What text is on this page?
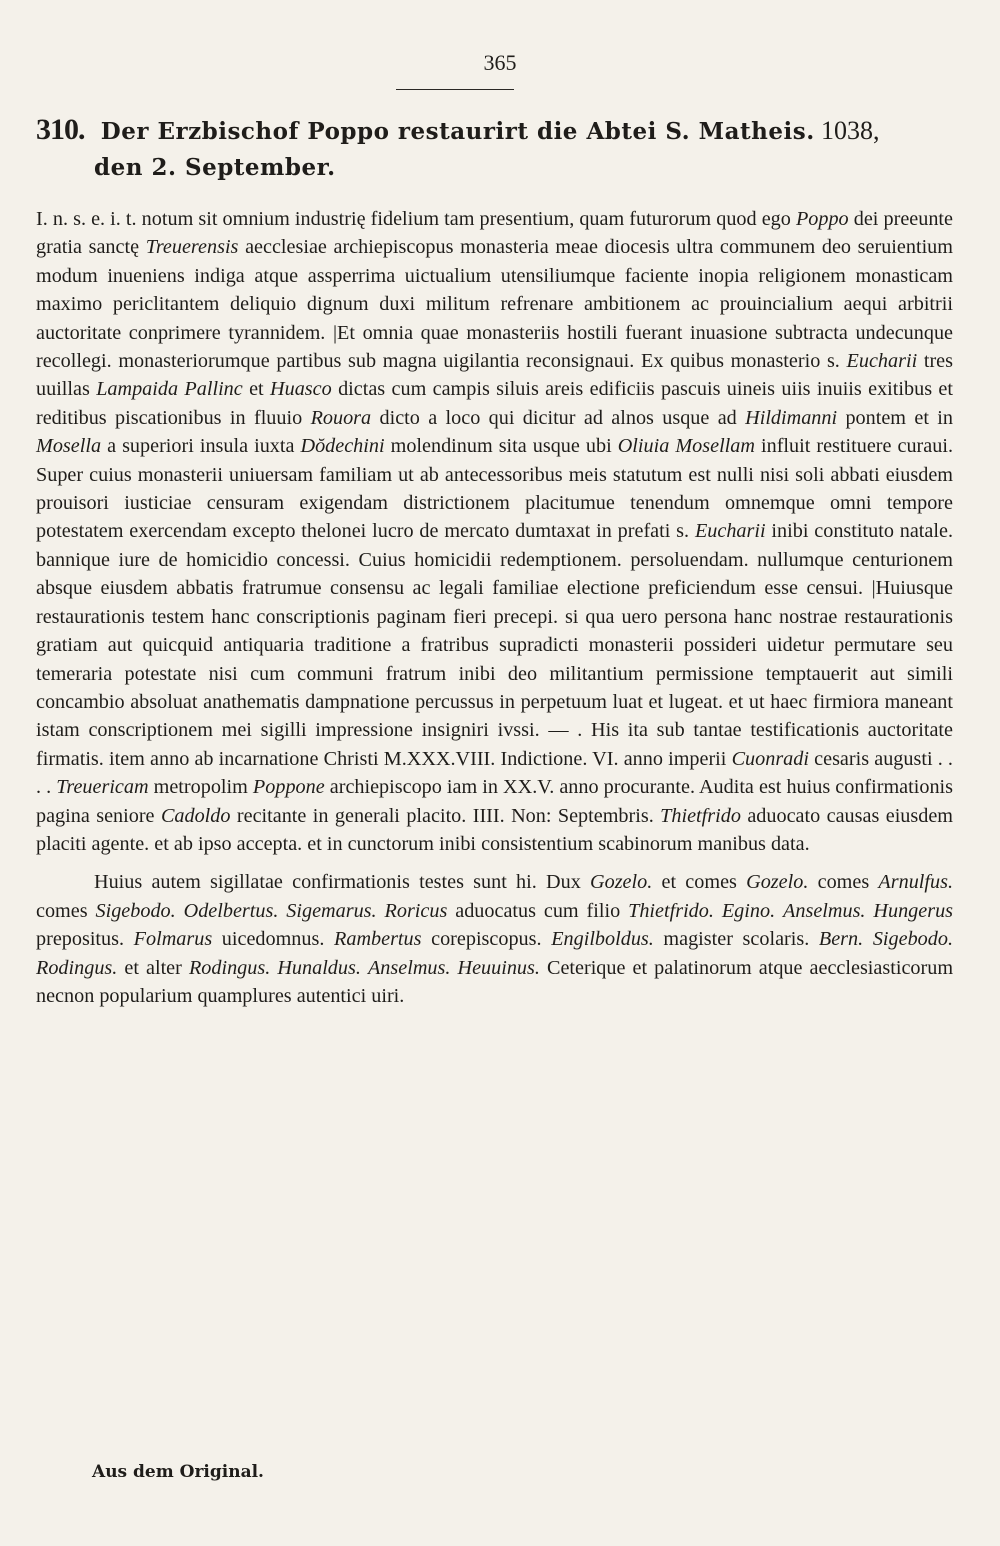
365
310. Der Erzbischof Poppo restaurirt die Abtei S. Matheis. 1038,
den 2. September.

I. n. s. e. i. t. notum sit omnium industrię fidelium tam presentium, quam futurorum quod ego Poppo dei preeunte gratia sanctę Treuerensis aecclesiae archiepiscopus monasteria meae diocesis ultra communem deo seruientium modum inueniens indiga atque assperrima uictualium utensiliumque faciente inopia religionem monasticam maximo periclitantem deliquio dignum duxi militum refrenare ambitionem ac prouincialium aequi arbitrii auctoritate conprimere tyrannidem. |Et omnia quae monasteriis hostili fuerant inuasione subtracta undecunque recollegi. monasteriorumque partibus sub magna uigilantia reconsignaui. Ex quibus monasterio s. Eucharii tres uuillas Lampaida Pallinc et Huasco dictas cum campis siluis areis edificiis pascuis uineis uiis inuiis exitibus et reditibus piscationibus in fluuio Rouora dicto a loco qui dicitur ad alnos usque ad Hildimanni pontem et in Mosella a superiori insula iuxta Dŏdechini molendinum sita usque ubi Oliuia Mosellam influit restituere curaui. Super cuius monasterii uniuersam familiam ut ab antecessoribus meis statutum est nulli nisi soli abbati eiusdem prouisori iusticiae censuram exigendam districtionem placitumue tenendum omnemque omni tempore potestatem exercendam excepto thelonei lucro de mercato dumtaxat in prefati s. Eucharii inibi constituto natale. bannique iure de homicidio concessi. Cuius homicidii redemptionem. persoluendam. nullumque centurionem absque eiusdem abbatis fratrumue consensu ac legali familiae electione preficiendum esse censui. |Huiusque restaurationis testem hanc conscriptionis paginam fieri precepi. si qua uero persona hanc nostrae restaurationis gratiam aut quicquid antiquaria traditione a fratribus supradicti monasterii possideri uidetur permutare seu temeraria potestate nisi cum communi fratrum inibi deo militantium permissione temptauerit aut simili concambio absoluat anathematis dampnatione percussus in perpetuum luat et lugeat. et ut haec firmiora maneant istam conscriptionem mei sigilli impressione insigniri ivssi. — . His ita sub tantae testificationis auctoritate firmatis. item anno ab incarnatione Christi M.XXX.VIII. Indictione. VI. anno imperii Cuonradi cesaris augusti . . . . Treuericam metropolim Poppone archiepiscopo iam in XX.V. anno procurante. Audita est huius confirmationis pagina seniore Cadoldo recitante in generali placito. IIII. Non: Septembris. Thietfrido aduocato causas eiusdem placiti agente. et ab ipso accepta. et in cunctorum inibi consistentium scabinorum manibus data.

Huius autem sigillatae confirmationis testes sunt hi. Dux Gozelo. et comes Gozelo. comes Arnulfus. comes Sigebodo. Odelbertus. Sigemarus. Roricus aduocatus cum filio Thietfrido. Egino. Anselmus. Hungerus prepositus. Folmarus uicedomnus. Rambertus corepiscopus. Engilboldus. magister scolaris. Bern. Sigebodo. Rodingus. et alter Rodingus. Hunaldus. Anselmus. Heuuinus. Ceterique et palatinorum atque aecclesiasticorum necnon popularium quamplures autentici uiri.

Aus dem Original.
